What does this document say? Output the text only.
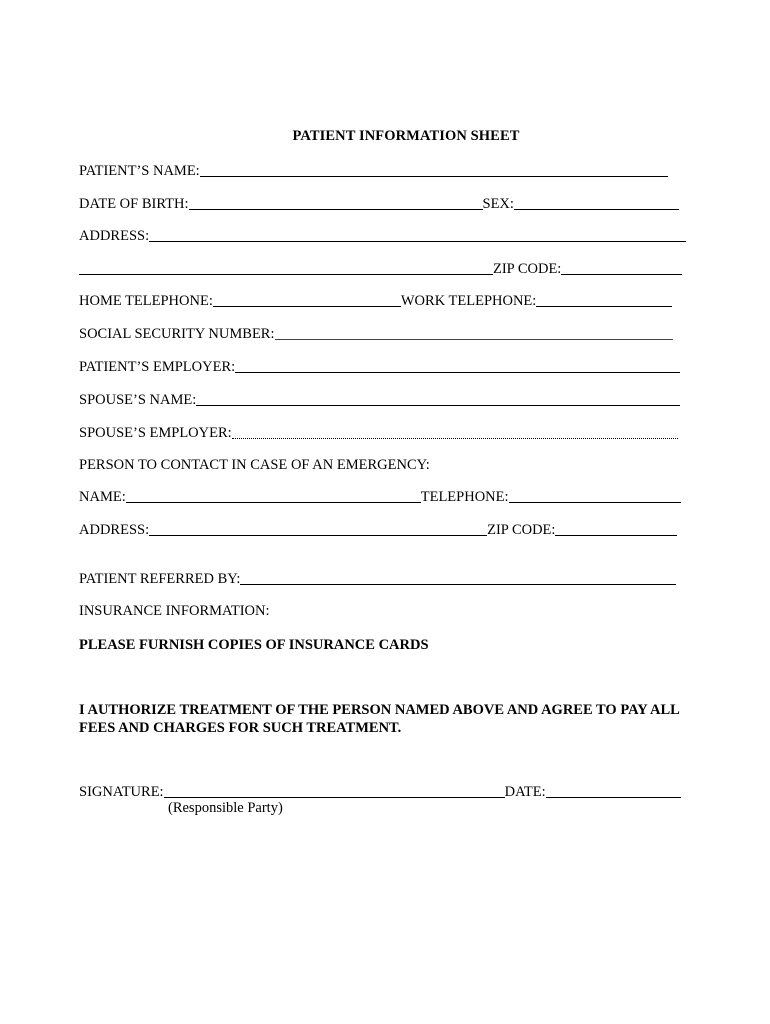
PATIENT INFORMATION SHEET
PATIENT’S NAME:
DATE OF BIRTH:	SEX:
ADDRESS:
ZIP CODE:
HOME TELEPHONE:	WORK TELEPHONE:
SOCIAL SECURITY NUMBER:
PATIENT’S EMPLOYER:
SPOUSE’S NAME:
SPOUSE’S EMPLOYER:
PERSON TO CONTACT IN CASE OF AN EMERGENCY:
NAME:	TELEPHONE:
ADDRESS:	ZIP CODE:
PATIENT REFERRED BY:
INSURANCE INFORMATION:
PLEASE FURNISH COPIES OF INSURANCE CARDS
I AUTHORIZE TREATMENT OF THE PERSON NAMED ABOVE AND AGREE TO PAY ALL FEES AND CHARGES FOR SUCH TREATMENT.
SIGNATURE:	DATE:
(Responsible Party)
